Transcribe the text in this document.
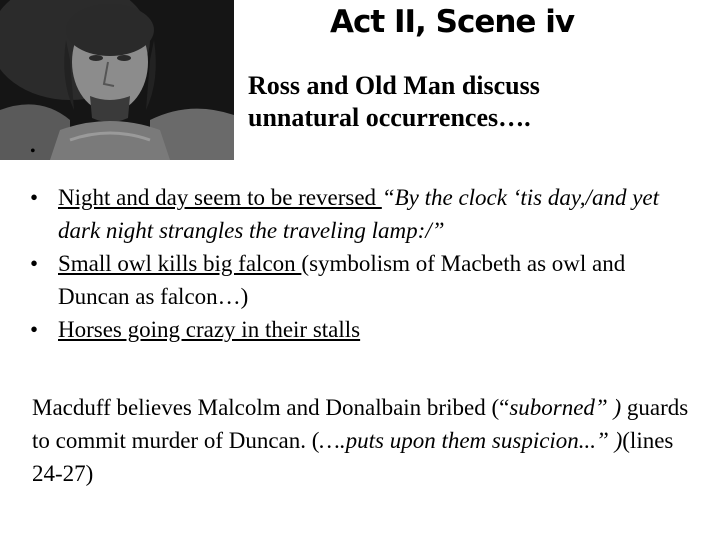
Act II, Scene iv
Ross and Old Man discuss
unnatural occurrences….
•
• Night and day seem to be reversed “By the clock ‘tis day,/and yet dark night strangles the traveling lamp:/”
• Small owl kills big falcon (symbolism of Macbeth as owl and Duncan as falcon…)
• Horses going crazy in their stalls

Macduff believes Malcolm and Donalbain bribed (“suborned” ) guards to commit murder of Duncan. (….puts upon them suspicion...” )(lines 24-27)
